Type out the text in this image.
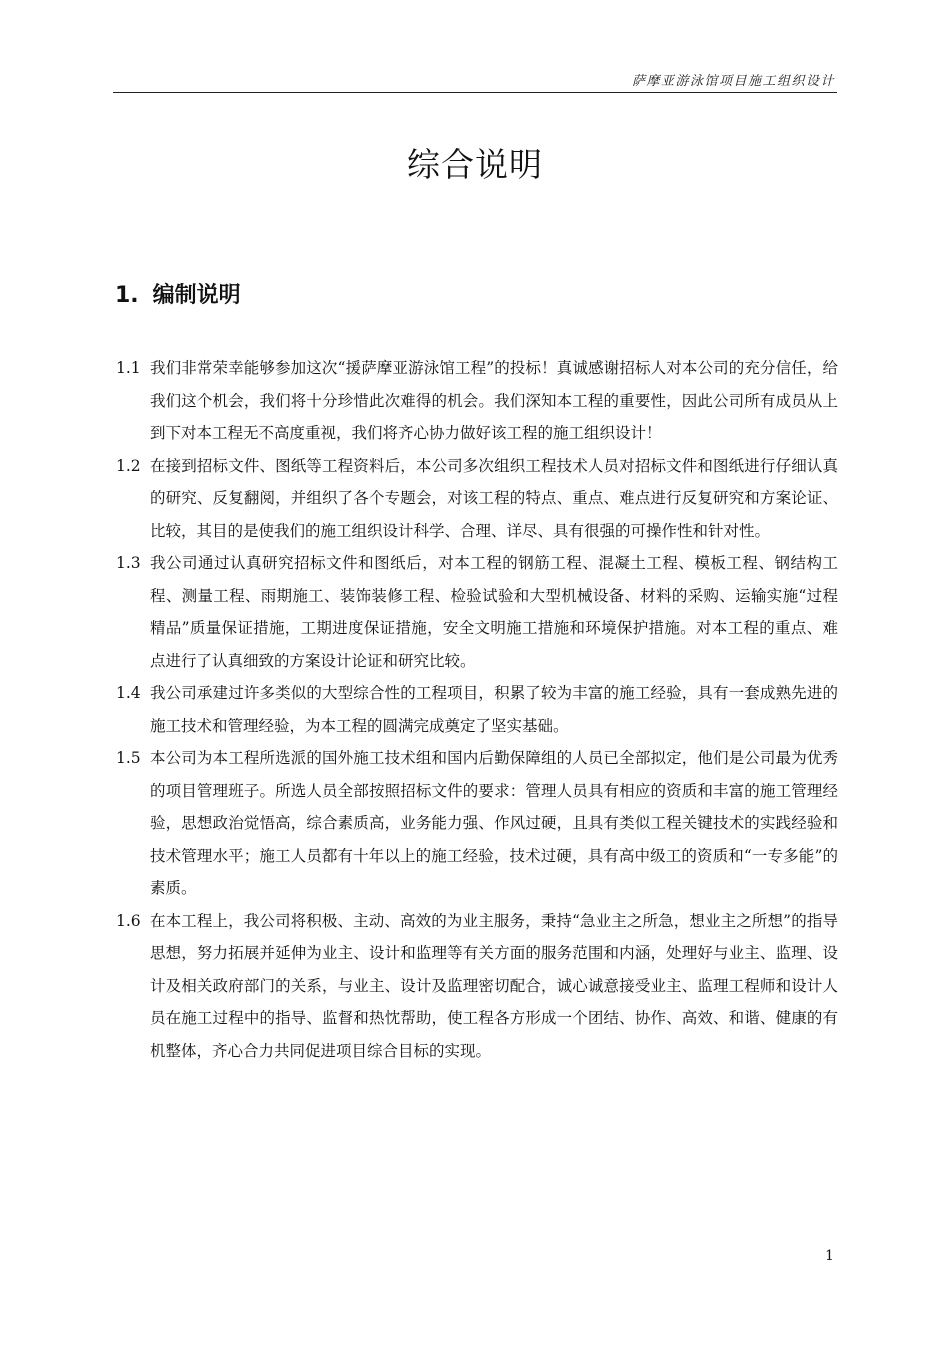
萨摩亚游泳馆项目施工组织设计
综合说明
1. 编制说明
1.1 我们非常荣幸能够参加这次“援萨摩亚游泳馆工程”的投标！真诚感谢招标人对本公司的充分信任，给我们这个机会，我们将十分珍惜此次难得的机会。我们深知本工程的重要性，因此公司所有成员从上到下对本工程无不高度重视，我们将齐心协力做好该工程的施工组织设计！
1.2 在接到招标文件、图纸等工程资料后，本公司多次组织工程技术人员对招标文件和图纸进行仔细认真的研究、反复翻阅，并组织了各个专题会，对该工程的特点、重点、难点进行反复研究和方案论证、比较，其目的是使我们的施工组织设计科学、合理、详尽、具有很强的可操作性和针对性。
1.3 我公司通过认真研究招标文件和图纸后，对本工程的钢筋工程、混凝土工程、模板工程、钢结构工程、测量工程、雨期施工、装饰装修工程、检验试验和大型机械设备、材料的采购、运输实施“过程精品”质量保证措施，工期进度保证措施，安全文明施工措施和环境保护措施。对本工程的重点、难点进行了认真细致的方案设计论证和研究比较。
1.4 我公司承建过许多类似的大型综合性的工程项目，积累了较为丰富的施工经验，具有一套成熟先进的施工技术和管理经验，为本工程的圆满完成奠定了坚实基础。
1.5 本公司为本工程所选派的国外施工技术组和国内后勤保障组的人员已全部拟定，他们是公司最为优秀的项目管理班子。所选人员全部按照招标文件的要求：管理人员具有相应的资质和丰富的施工管理经验，思想政治觉悟高，综合素质高，业务能力强、作风过硬，且具有类似工程关键技术的实践经验和技术管理水平；施工人员都有十年以上的施工经验，技术过硬，具有高中级工的资质和“一专多能”的素质。
1.6 在本工程上，我公司将积极、主动、高效的为业主服务，秉持“急业主之所急，想业主之所想”的指导思想，努力拓展并延伸为业主、设计和监理等有关方面的服务范围和内涵，处理好与业主、监理、设计及相关政府部门的关系，与业主、设计及监理密切配合，诚心诚意接受业主、监理工程师和设计人员在施工过程中的指导、监督和热忱帮助，使工程各方形成一个团结、协作、高效、和谐、健康的有机整体，齐心合力共同促进项目综合目标的实现。
1
